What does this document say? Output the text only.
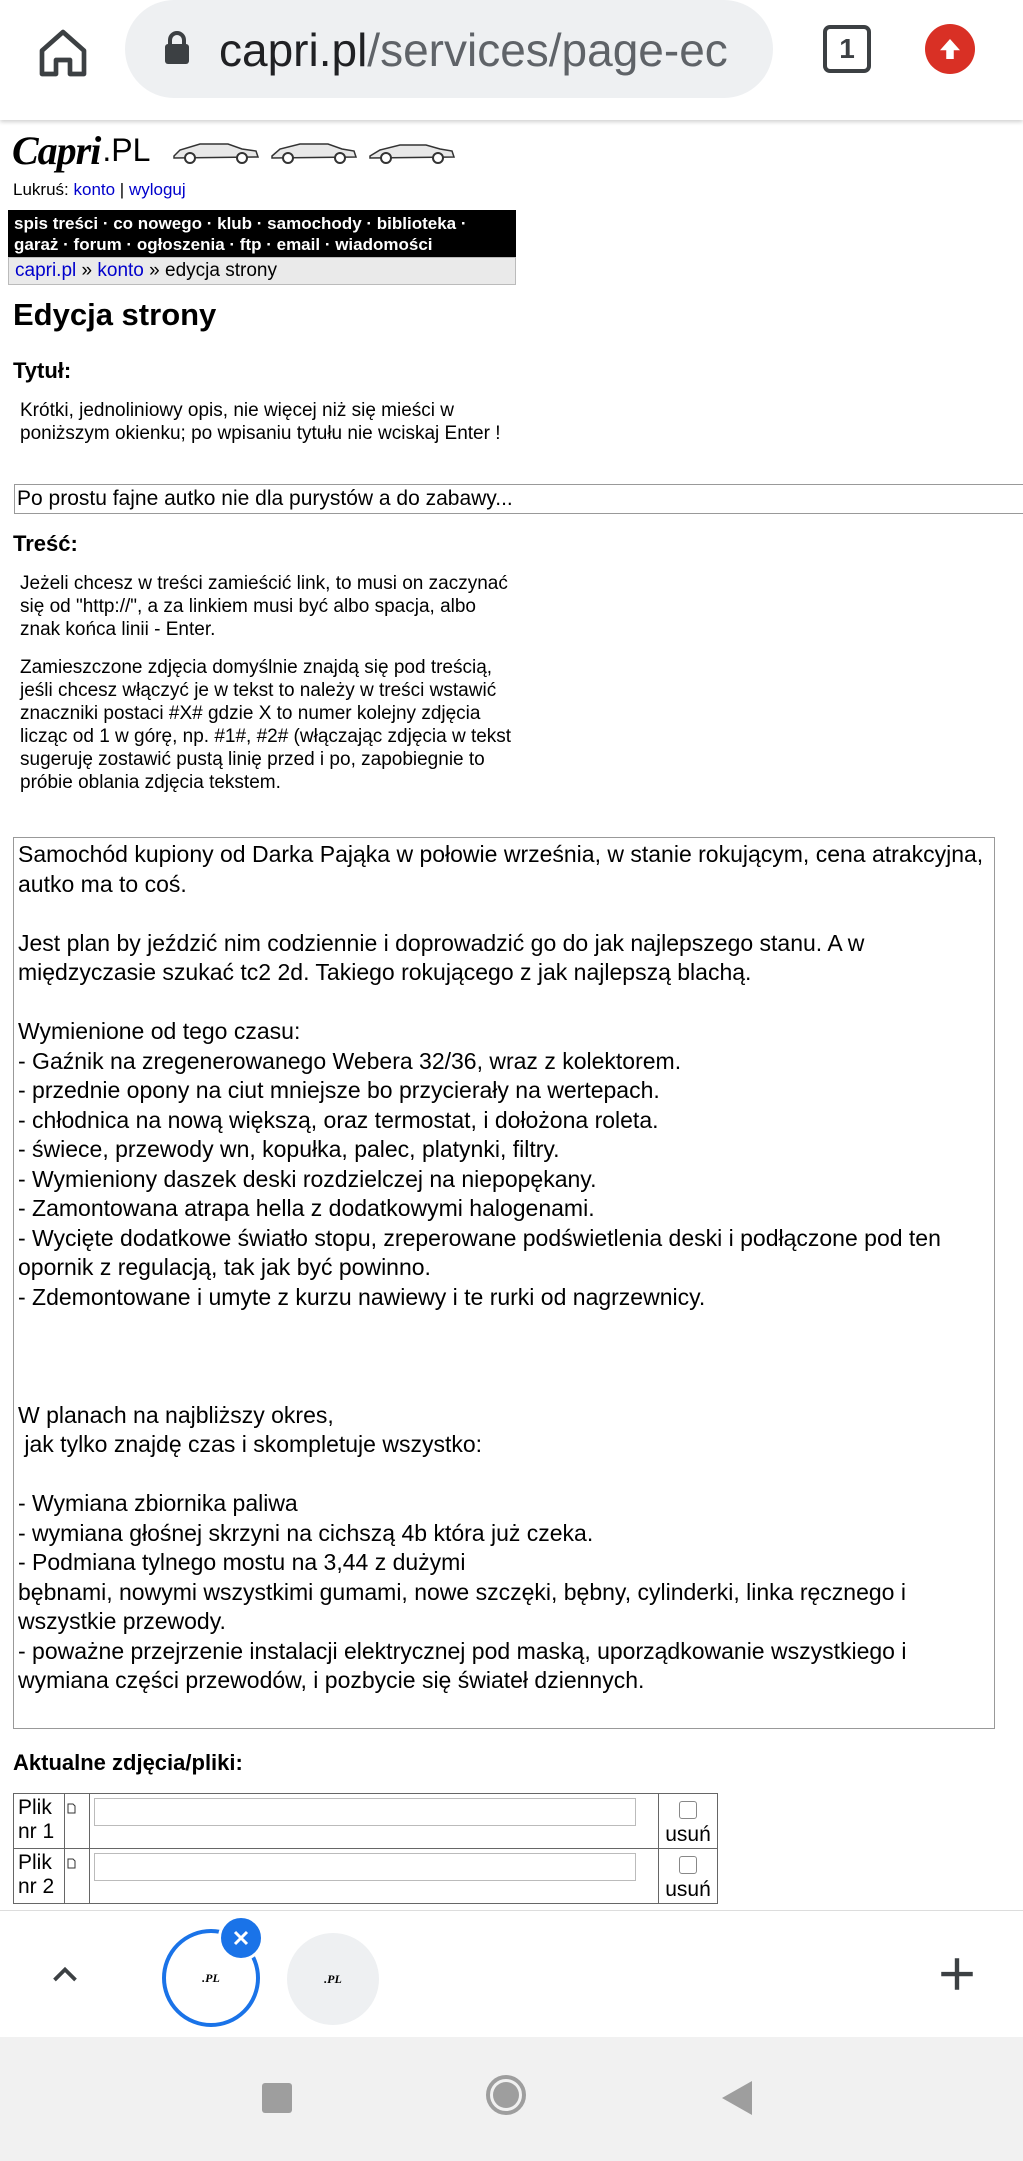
capri.pl/services/page-ec	1
Capri .PL
Lukruś: konto | wyloguj
spis treści · co nowego · klub · samochody · biblioteka ·
garaż · forum · ogłoszenia · ftp · email · wiadomości
capri.pl » konto » edycja strony
Edycja strony
Tytuł:
Krótki, jednoliniowy opis, nie więcej niż się mieści w poniższym okienku; po wpisaniu tytułu nie wciskaj Enter !
Po prostu fajne autko nie dla purystów a do zabawy...
Treść:
Jeżeli chcesz w treści zamieścić link, to musi on zaczynać się od "http://", a za linkiem musi być albo spacja, albo znak końca linii - Enter.
Zamieszczone zdjęcia domyślnie znajdą się pod treścią, jeśli chcesz włączyć je w tekst to należy w treści wstawić znaczniki postaci #X# gdzie X to numer kolejny zdjęcia licząc od 1 w górę, np. #1#, #2# (włączając zdjęcia w tekst sugeruję zostawić pustą linię przed i po, zapobiegnie to próbie oblania zdjęcia tekstem.
Samochód kupiony od Darka Pająka w połowie września, w stanie rokującym, cena atrakcyjna, autko ma to coś.

Jest plan by jeździć nim codziennie i doprowadzić go do jak najlepszego stanu. A w międzyczasie szukać tc2 2d. Takiego rokującego z jak najlepszą blachą.

Wymienione od tego czasu:
- Gaźnik na zregenerowanego Webera 32/36, wraz z kolektorem.
- przednie opony na ciut mniejsze bo przycierały na wertepach.
- chłodnica na nową większą, oraz termostat, i dołożona roleta.
- świece, przewody wn, kopułka, palec, platynki, filtry.
- Wymieniony daszek deski rozdzielczej na niepopękany.
- Zamontowana atrapa hella z dodatkowymi halogenami.
- Wycięte dodatkowe światło stopu, zreperowane podświetlenia deski i podłączone pod ten opornik z regulacją, tak jak być powinno.
- Zdemontowane i umyte z kurzu nawiewy i te rurki od nagrzewnicy.

W planach na najbliższy okres,
jak tylko znajdę czas i skompletuje wszystko:

- Wymiana zbiornika paliwa
- wymiana głośnej skrzyni na cichszą 4b która już czeka.
- Podmiana tylnego mostu na 3,44 z dużymi
bębnami, nowymi wszystkimi gumami, nowe szczęki, bębny, cylinderki, linka ręcznego i wszystkie przewody.
- poważne przejrzenie instalacji elektrycznej pod maską, uporządkowanie wszystkiego i wymiana części przewodów, i pozbycie się świateł dziennych.
Aktualne zdjęcia/pliki:
Plik nr 1			usuń
Plik nr 2			usuń
.PL	.PL
